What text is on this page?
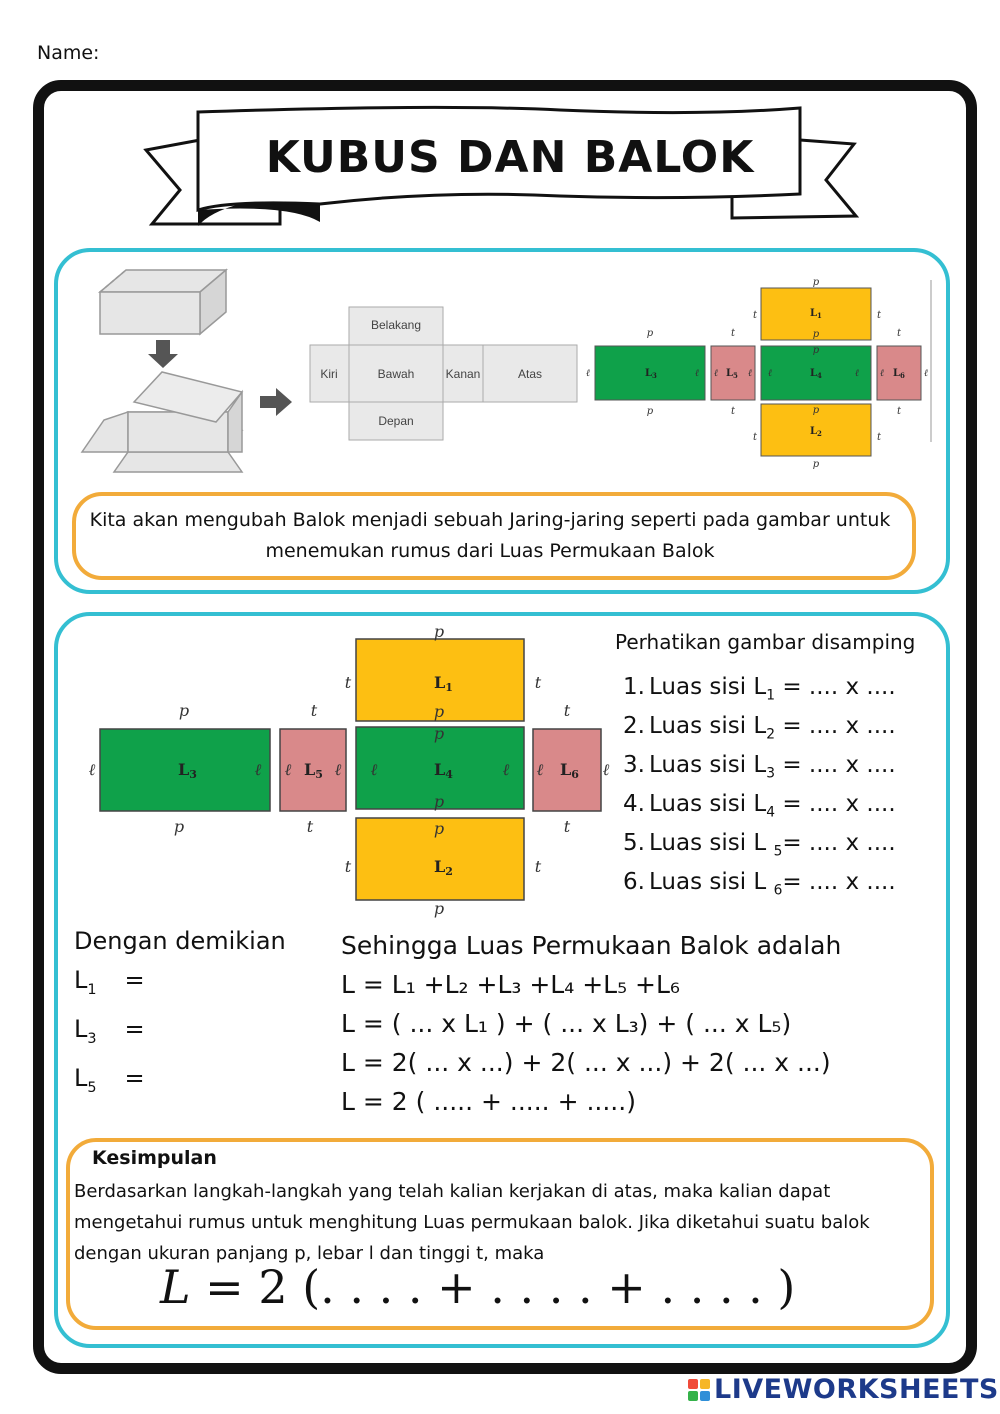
Name:
KUBUS DAN BALOK
Belakang
Kiri	Bawah	Kanan	Atas
Depan
p
p
p
p
p
p
p
t
t
t
t
t	t
t	t
ℓ	ℓ ℓ	ℓ ℓ	ℓ ℓ	ℓ
$L_1$
$L_2$
$L_3$	$L_4$
$L_5$	$L_6$
Kita akan mengubah Balok menjadi sebuah Jaring-jaring seperti pada gambar untuk menemukan rumus dari Luas Permukaan Balok
p
p
p
p
p
p
p
p
t
t
t
t
t	t
t	t
ℓ	ℓ ℓ	ℓ ℓ	ℓ ℓ	ℓ
L1
L2
L3	L4
L5	L6
Perhatikan gambar disamping
1. Luas sisi $L_1$ = .... x ....
2. Luas sisi $L_2$ = .... x ....
3. Luas sisi $L_3$ = .... x ....
4. Luas sisi $L_4$ = .... x ....
5. Luas sisi L $_5$= .... x ....
6. Luas sisi L $_6$= .... x ....
Dengan demikian
$L_1$ =
$L_3$ =
$L_5$ =
Sehingga Luas Permukaan Balok adalah
L = L₁ +L₂ +L₃ +L₄ +L₅ +L₆
L = ( ... x L₁ ) + ( ... x L₃) + ( ... x L₅)
L = 2( ... x ...) + 2( ... x ...) + 2( ... x ...)
L = 2 ( ..... + ..... + .....)
Kesimpulan
Berdasarkan langkah-langkah yang telah kalian kerjakan di atas, maka kalian dapat mengetahui rumus untuk menghitung Luas permukaan balok. Jika diketahui suatu balok dengan ukuran panjang p, lebar l dan tinggi t, maka
L = 2 (. . . . + . . . . + . . . . )
LIVEWORKSHEETS
